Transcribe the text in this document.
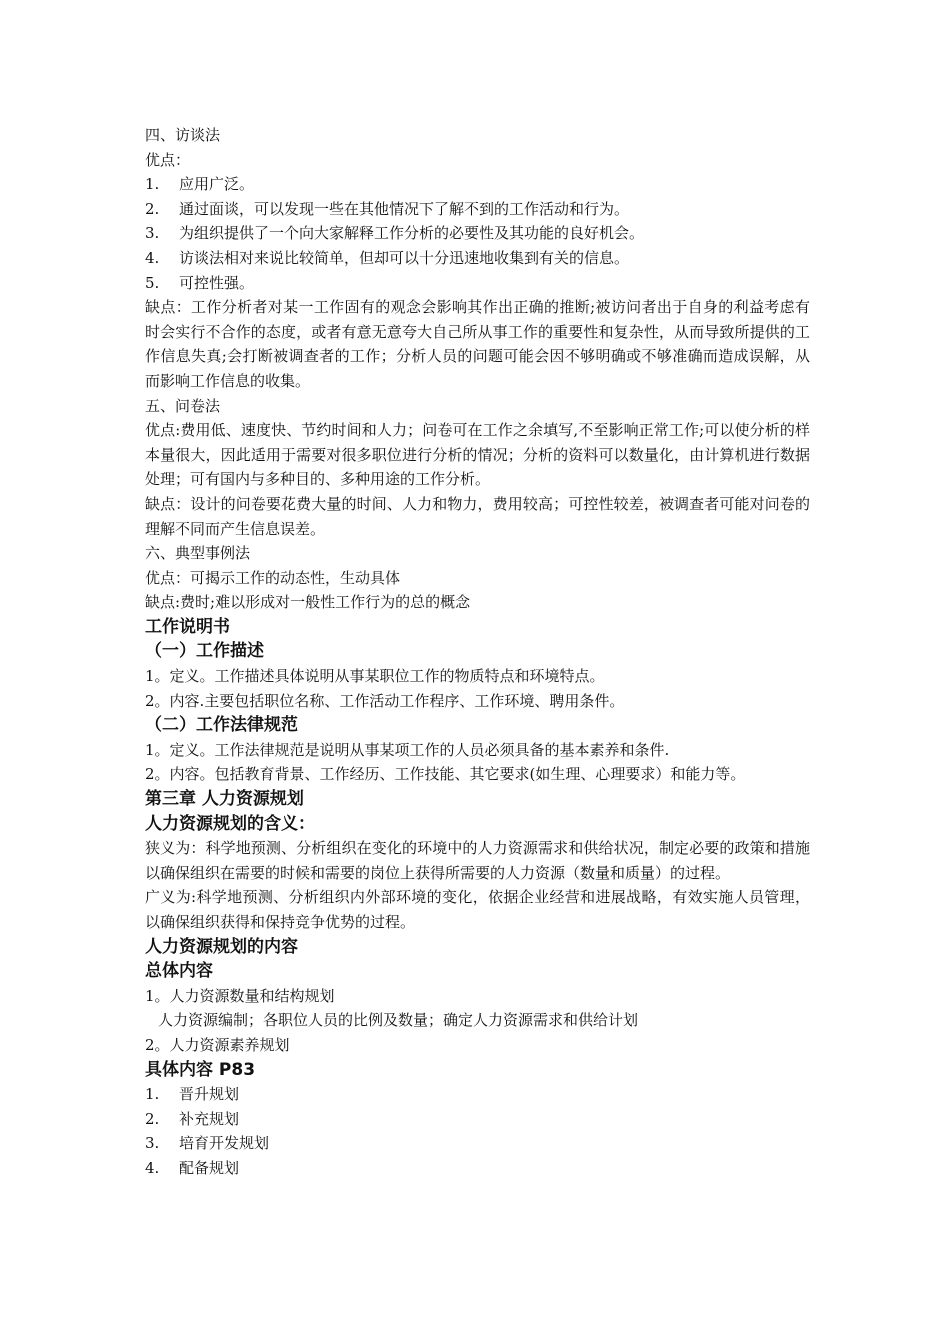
四、访谈法
优点：
1. 应用广泛。
2. 通过面谈，可以发现一些在其他情况下了解不到的工作活动和行为。
3. 为组织提供了一个向大家解释工作分析的必要性及其功能的良好机会。
4. 访谈法相对来说比较简单，但却可以十分迅速地收集到有关的信息。
5. 可控性强。
缺点：工作分析者对某一工作固有的观念会影响其作出正确的推断;被访问者出于自身的利益考虑有时会实行不合作的态度，或者有意无意夸大自己所从事工作的重要性和复杂性，从而导致所提供的工作信息失真;会打断被调查者的工作；分析人员的问题可能会因不够明确或不够准确而造成误解，从而影响工作信息的收集。
五、问卷法
优点:费用低、速度快、节约时间和人力；问卷可在工作之余填写,不至影响正常工作;可以使分析的样本量很大，因此适用于需要对很多职位进行分析的情况；分析的资料可以数量化，由计算机进行数据处理；可有国内与多种目的、多种用途的工作分析。
缺点：设计的问卷要花费大量的时间、人力和物力，费用较高；可控性较差，被调查者可能对问卷的理解不同而产生信息误差。
六、典型事例法
优点：可揭示工作的动态性，生动具体
缺点:费时;难以形成对一般性工作行为的总的概念
工作说明书
（一）工作描述
1。定义。工作描述具体说明从事某职位工作的物质特点和环境特点。
2。内容.主要包括职位名称、工作活动工作程序、工作环境、聘用条件。
（二）工作法律规范
1。定义。工作法律规范是说明从事某项工作的人员必须具备的基本素养和条件.
2。内容。包括教育背景、工作经历、工作技能、其它要求(如生理、心理要求）和能力等。
第三章 人力资源规划
人力资源规划的含义：
狭义为：科学地预测、分析组织在变化的环境中的人力资源需求和供给状况，制定必要的政策和措施以确保组织在需要的时候和需要的岗位上获得所需要的人力资源（数量和质量）的过程。
广义为:科学地预测、分析组织内外部环境的变化，依据企业经营和进展战略，有效实施人员管理，以确保组织获得和保持竞争优势的过程。
人力资源规划的内容
总体内容
1。人力资源数量和结构规划
人力资源编制；各职位人员的比例及数量；确定人力资源需求和供给计划
2。人力资源素养规划
具体内容 P83
1. 晋升规划
2. 补充规划
3. 培育开发规划
4. 配备规划
